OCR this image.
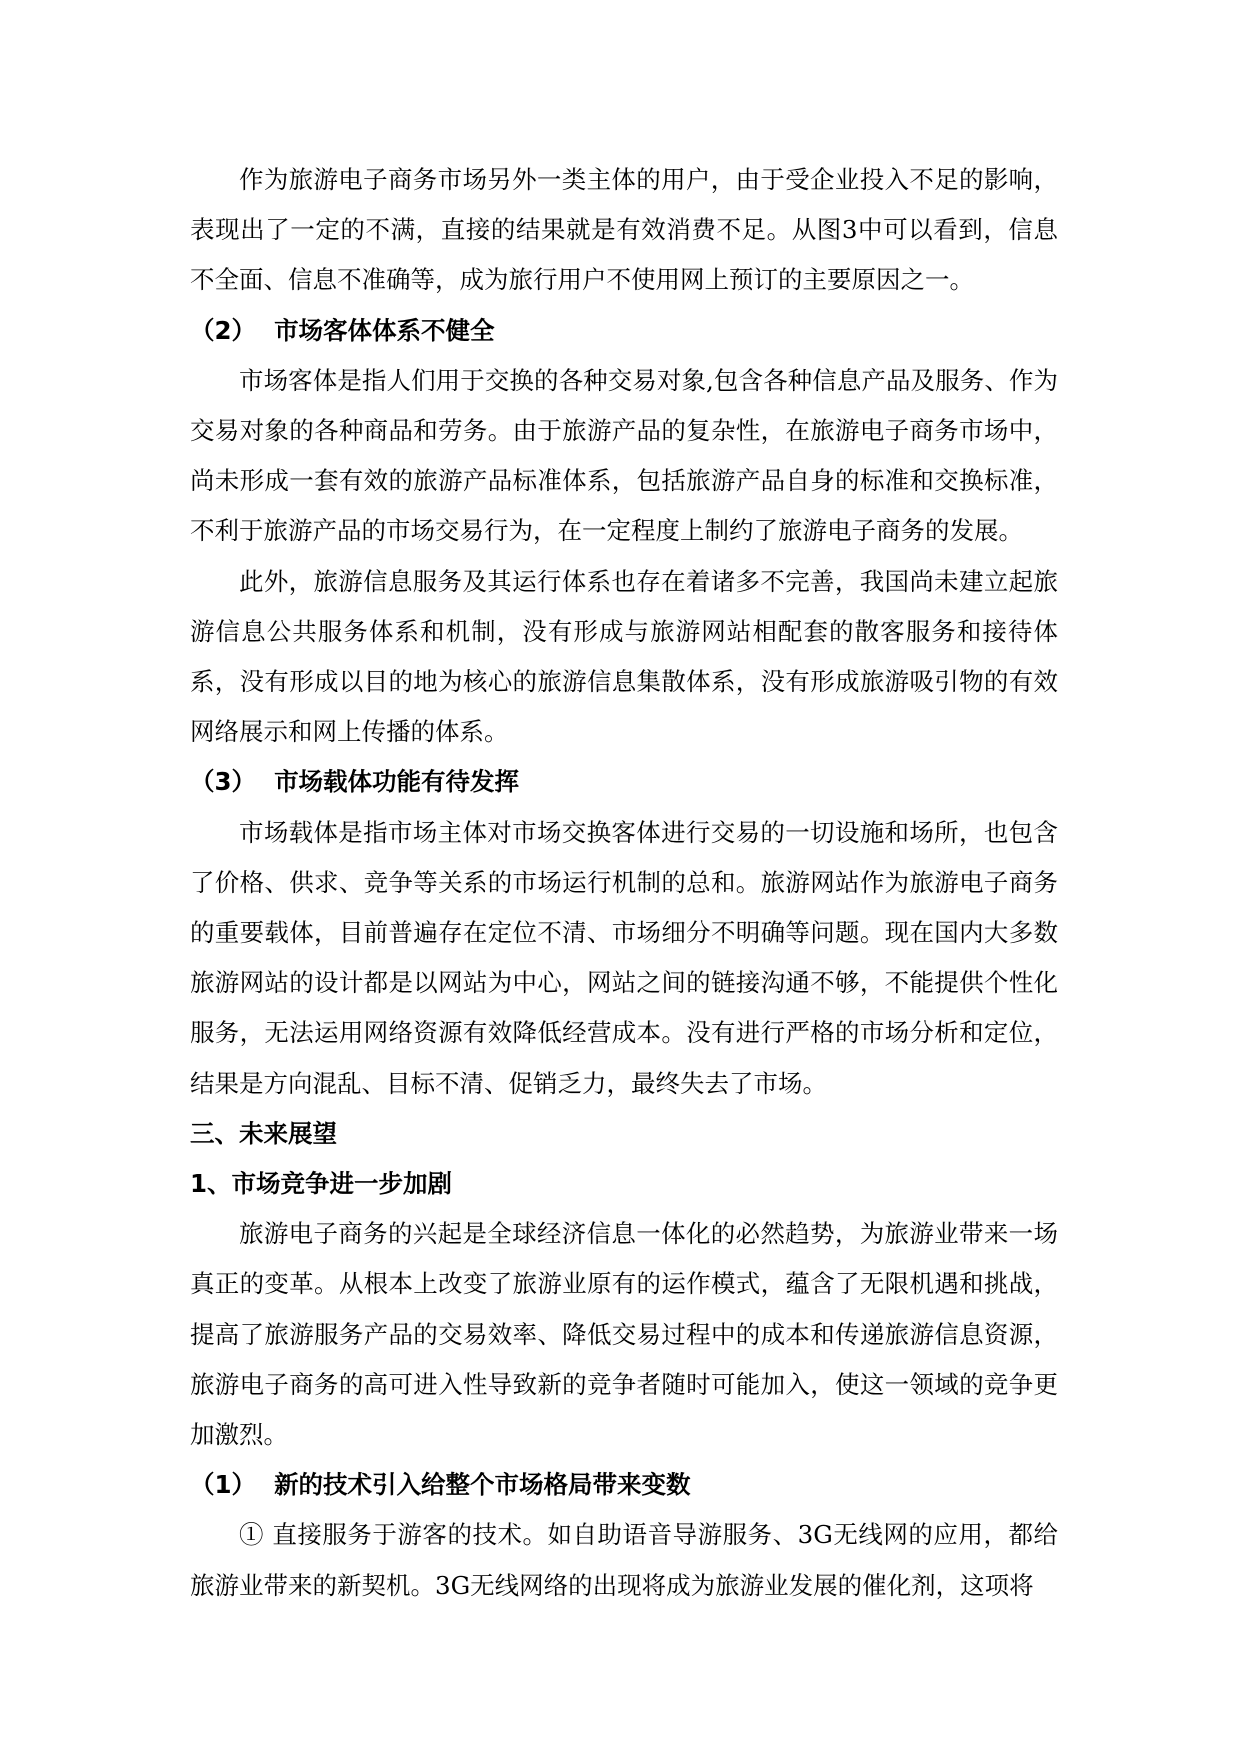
作为旅游电子商务市场另外一类主体的用户，由于受企业投入不足的影响，表现出了一定的不满，直接的结果就是有效消费不足。从图3中可以看到，信息不全面、信息不准确等，成为旅行用户不使用网上预订的主要原因之一。

（2） 市场客体体系不健全

市场客体是指人们用于交换的各种交易对象,包含各种信息产品及服务、作为交易对象的各种商品和劳务。由于旅游产品的复杂性，在旅游电子商务市场中，尚未形成一套有效的旅游产品标准体系，包括旅游产品自身的标准和交换标准，不利于旅游产品的市场交易行为，在一定程度上制约了旅游电子商务的发展。

此外，旅游信息服务及其运行体系也存在着诸多不完善，我国尚未建立起旅游信息公共服务体系和机制，没有形成与旅游网站相配套的散客服务和接待体系，没有形成以目的地为核心的旅游信息集散体系，没有形成旅游吸引物的有效网络展示和网上传播的体系。

（3） 市场载体功能有待发挥

市场载体是指市场主体对市场交换客体进行交易的一切设施和场所，也包含了价格、供求、竞争等关系的市场运行机制的总和。旅游网站作为旅游电子商务的重要载体，目前普遍存在定位不清、市场细分不明确等问题。现在国内大多数旅游网站的设计都是以网站为中心，网站之间的链接沟通不够，不能提供个性化服务，无法运用网络资源有效降低经营成本。没有进行严格的市场分析和定位，结果是方向混乱、目标不清、促销乏力，最终失去了市场。

三、未来展望

1、市场竞争进一步加剧

旅游电子商务的兴起是全球经济信息一体化的必然趋势，为旅游业带来一场真正的变革。从根本上改变了旅游业原有的运作模式，蕴含了无限机遇和挑战，提高了旅游服务产品的交易效率、降低交易过程中的成本和传递旅游信息资源，旅游电子商务的高可进入性导致新的竞争者随时可能加入，使这一领域的竞争更加激烈。

（1） 新的技术引入给整个市场格局带来变数

① 直接服务于游客的技术。如自助语音导游服务、3G无线网的应用，都给旅游业带来的新契机。3G无线网络的出现将成为旅游业发展的催化剂，这项将
